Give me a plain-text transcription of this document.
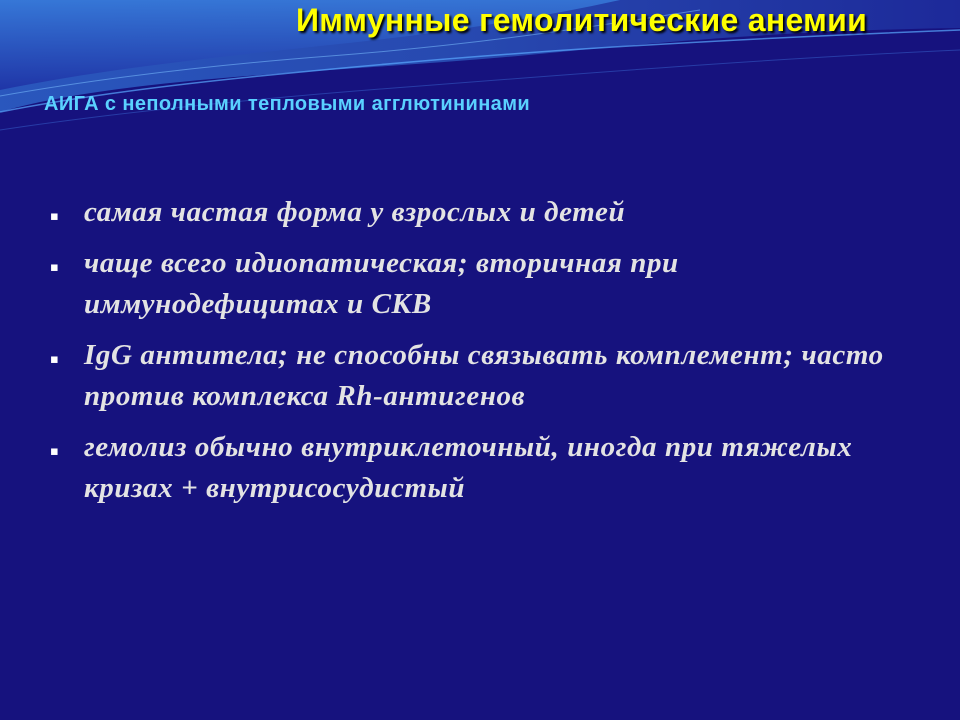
Иммунные гемолитические анемии
АИГА с неполными тепловыми агглютининами
▪ самая частая форма у взрослых и детей
▪ чаще всего идиопатическая; вторичная при иммунодефицитах и СКВ
▪ IgG антитела; не способны связывать комплемент; часто против комплекса Rh-антигенов
▪ гемолиз обычно внутриклеточный, иногда при тяжелых кризах + внутрисосудистый
